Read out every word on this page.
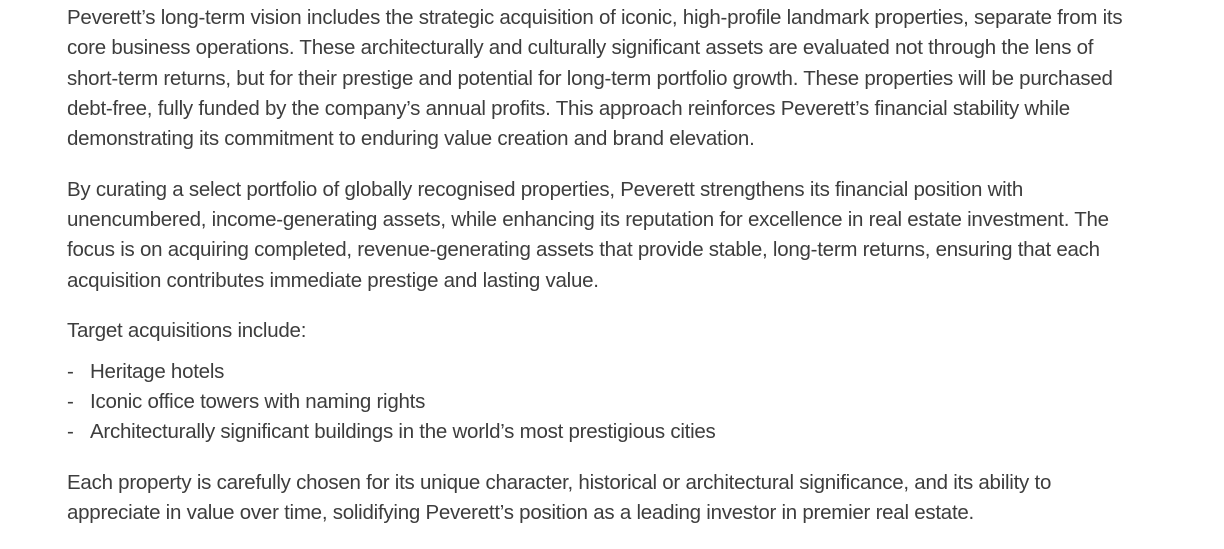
Peverett’s long-term vision includes the strategic acquisition of iconic, high-profile landmark properties, separate from its core business operations. These architecturally and culturally significant assets are evaluated not through the lens of short-term returns, but for their prestige and potential for long-term portfolio growth. These properties will be purchased debt-free, fully funded by the company’s annual profits. This approach reinforces Peverett’s financial stability while demonstrating its commitment to enduring value creation and brand elevation.

By curating a select portfolio of globally recognised properties, Peverett strengthens its financial position with unencumbered, income-generating assets, while enhancing its reputation for excellence in real estate investment. The focus is on acquiring completed, revenue-generating assets that provide stable, long-term returns, ensuring that each acquisition contributes immediate prestige and lasting value.

Target acquisitions include:

- Heritage hotels
- Iconic office towers with naming rights
- Architecturally significant buildings in the world’s most prestigious cities

Each property is carefully chosen for its unique character, historical or architectural significance, and its ability to appreciate in value over time, solidifying Peverett’s position as a leading investor in premier real estate.
